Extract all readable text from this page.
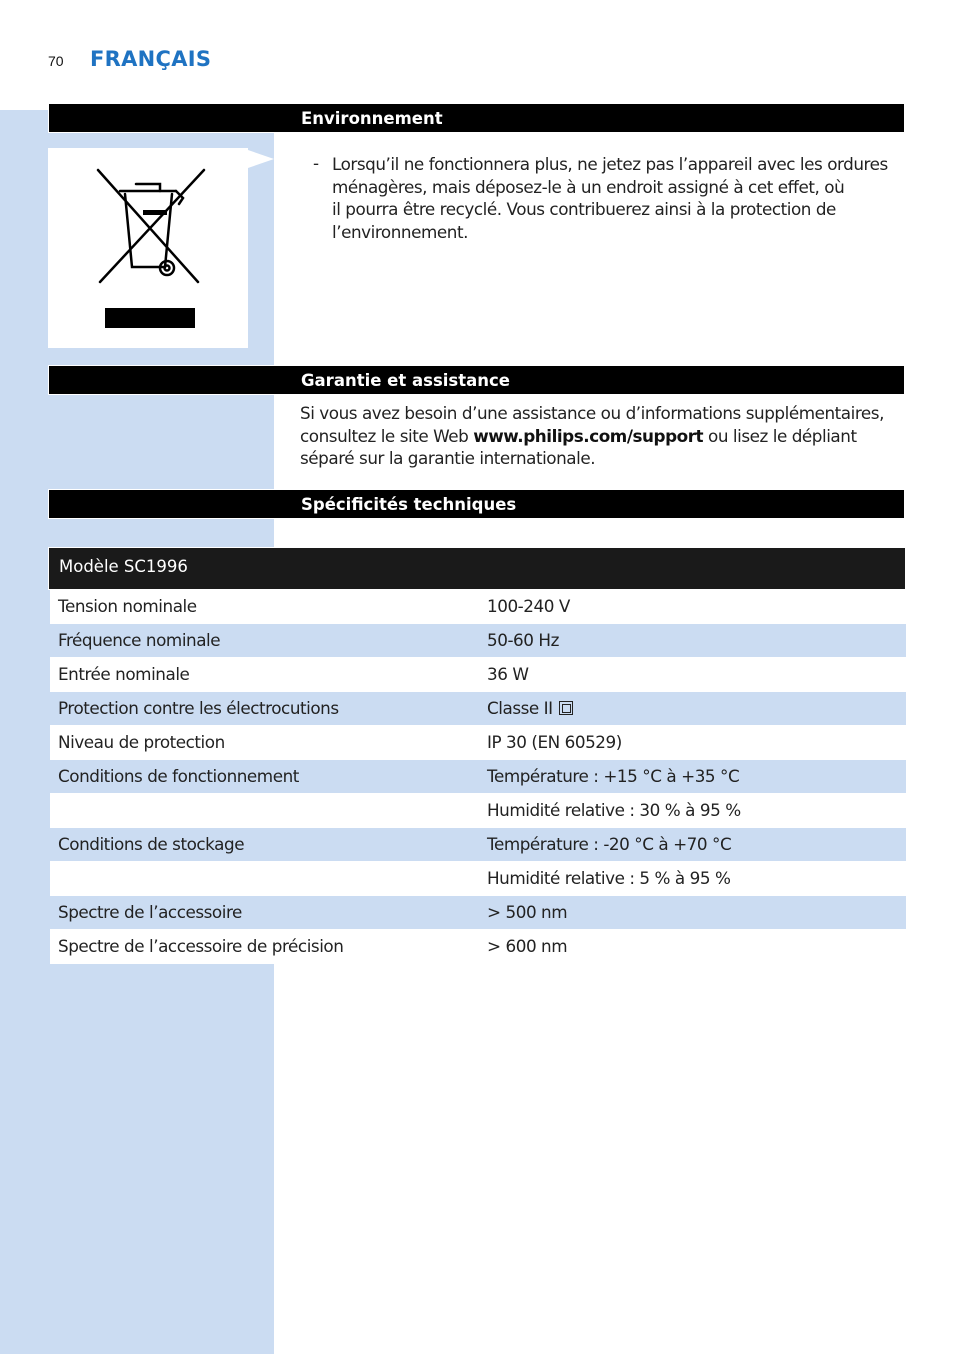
70 FRANÇAIS
Environnement
- Lorsqu’il ne fonctionnera plus, ne jetez pas l’appareil avec les ordures
ménagères, mais déposez-le à un endroit assigné à cet effet, où
il pourra être recyclé. Vous contribuerez ainsi à la protection de
l’environnement.
Garantie et assistance
Si vous avez besoin d’une assistance ou d’informations supplémentaires,
consultez le site Web www.philips.com/support ou lisez le dépliant
séparé sur la garantie internationale.
Spécificités techniques
Modèle SC1996
Tension nominale	100-240 V
Fréquence nominale	50-60 Hz
Entrée nominale	36 W
Protection contre les électrocutions	Classe II
Niveau de protection	IP 30 (EN 60529)
Conditions de fonctionnement	Température : +15 °C à +35 °C
Humidité relative : 30 % à 95 %
Conditions de stockage	Température : -20 °C à +70 °C
Humidité relative : 5 % à 95 %
Spectre de l’accessoire	> 500 nm
Spectre de l’accessoire de précision	> 600 nm
